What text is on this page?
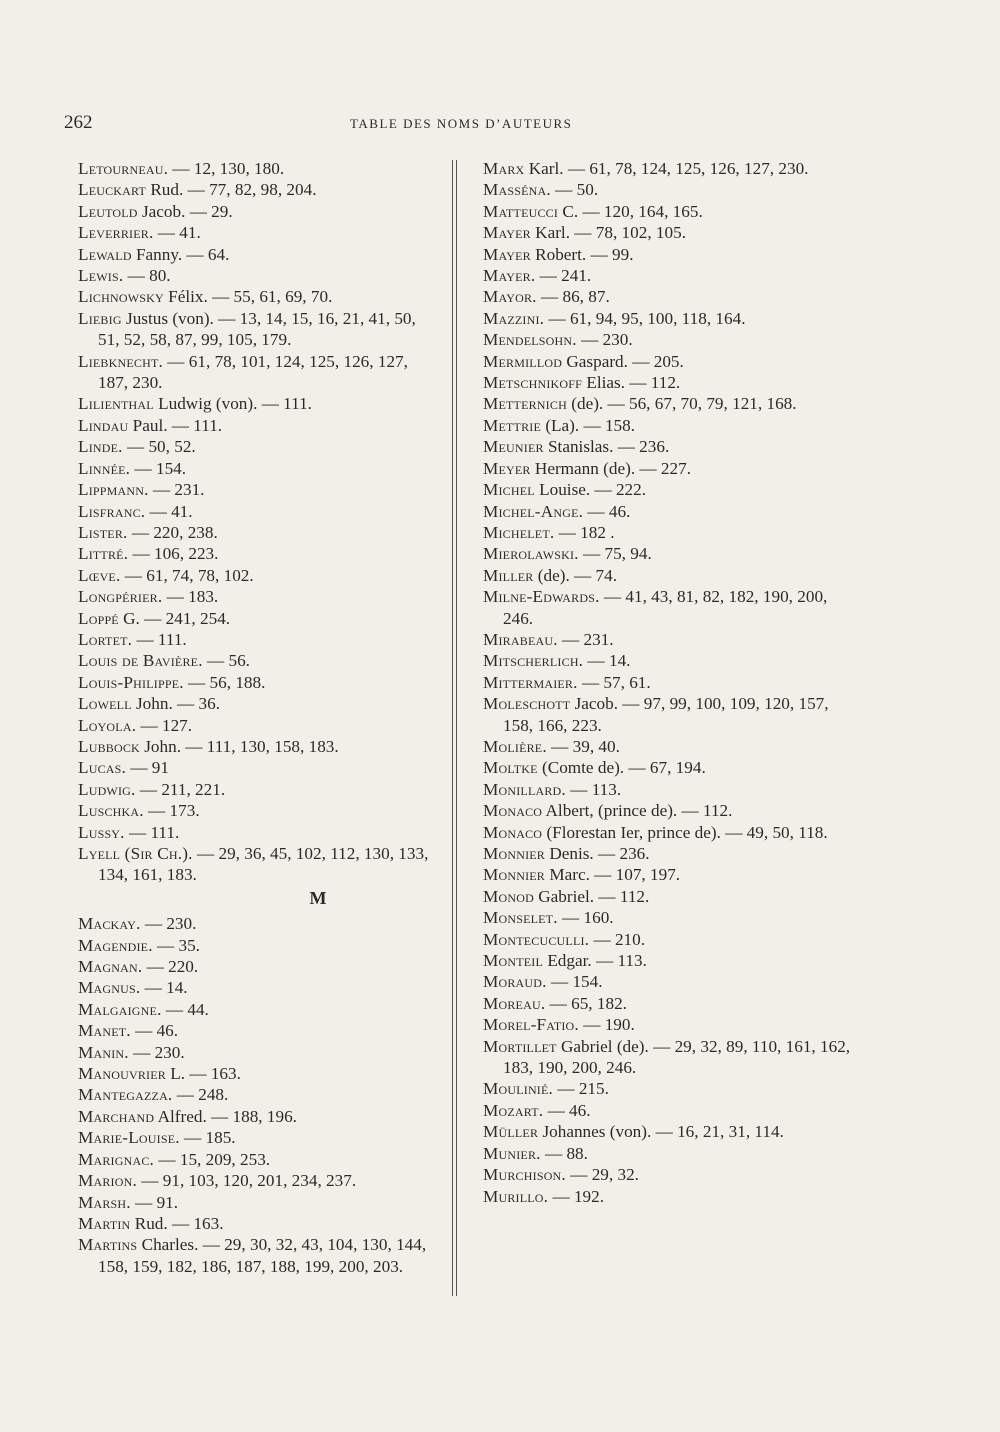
262	TABLE DES NOMS D’AUTEURS
Letourneau. — 12, 130, 180.
Leuckart Rud. — 77, 82, 98, 204.
Leutold Jacob. — 29.
Leverrier. — 41.
Lewald Fanny. — 64.
Lewis. — 80.
Lichnowsky Félix. — 55, 61, 69, 70.
Liebig Justus (von). — 13, 14, 15, 16, 21, 41, 50, 51, 52, 58, 87, 99, 105, 179.
Liebknecht. — 61, 78, 101, 124, 125, 126, 127, 187, 230.
Lilienthal Ludwig (von). — 111.
Lindau Paul. — 111.
Linde. — 50, 52.
Linnée. — 154.
Lippmann. — 231.
Lisfranc. — 41.
Lister. — 220, 238.
Littré. — 106, 223.
Lœve. — 61, 74, 78, 102.
Longpérier. — 183.
Loppé G. — 241, 254.
Lortet. — 111.
Louis de Bavière. — 56.
Louis-Philippe. — 56, 188.
Lowell John. — 36.
Loyola. — 127.
Lubbock John. — 111, 130, 158, 183.
Lucas. — 91
Ludwig. — 211, 221.
Luschka. — 173.
Lussy. — 111.
Lyell (Sir Ch.). — 29, 36, 45, 102, 112, 130, 133, 134, 161, 183.
M
Mackay. — 230.
Magendie. — 35.
Magnan. — 220.
Magnus. — 14.
Malgaigne. — 44.
Manet. — 46.
Manin. — 230.
Manouvrier L. — 163.
Mantegazza. — 248.
Marchand Alfred. — 188, 196.
Marie-Louise. — 185.
Marignac. — 15, 209, 253.
Marion. — 91, 103, 120, 201, 234, 237.
Marsh. — 91.
Martin Rud. — 163.
Martins Charles. — 29, 30, 32, 43, 104, 130, 144, 158, 159, 182, 186, 187, 188, 199, 200, 203.
Marx Karl. — 61, 78, 124, 125, 126, 127, 230.
Masséna. — 50.
Matteucci C. — 120, 164, 165.
Mayer Karl. — 78, 102, 105.
Mayer Robert. — 99.
Mayer. — 241.
Mayor. — 86, 87.
Mazzini. — 61, 94, 95, 100, 118, 164.
Mendelsohn. — 230.
Mermillod Gaspard. — 205.
Metschnikoff Elias. — 112.
Metternich (de). — 56, 67, 70, 79, 121, 168.
Mettrie (La). — 158.
Meunier Stanislas. — 236.
Meyer Hermann (de). — 227.
Michel Louise. — 222.
Michel-Ange. — 46.
Michelet. — 182 .
Mierolawski. — 75, 94.
Miller (de). — 74.
Milne-Edwards. — 41, 43, 81, 82, 182, 190, 200, 246.
Mirabeau. — 231.
Mitscherlich. — 14.
Mittermaier. — 57, 61.
Moleschott Jacob. — 97, 99, 100, 109, 120, 157, 158, 166, 223.
Molière. — 39, 40.
Moltke (Comte de). — 67, 194.
Monillard. — 113.
Monaco Albert, (prince de). — 112.
Monaco (Florestan Ier, prince de). — 49, 50, 118.
Monnier Denis. — 236.
Monnier Marc. — 107, 197.
Monod Gabriel. — 112.
Monselet. — 160.
Montecuculli. — 210.
Monteil Edgar. — 113.
Moraud. — 154.
Moreau. — 65, 182.
Morel-Fatio. — 190.
Mortillet Gabriel (de). — 29, 32, 89, 110, 161, 162, 183, 190, 200, 246.
Moulinié. — 215.
Mozart. — 46.
Müller Johannes (von). — 16, 21, 31, 114.
Munier. — 88.
Murchison. — 29, 32.
Murillo. — 192.
